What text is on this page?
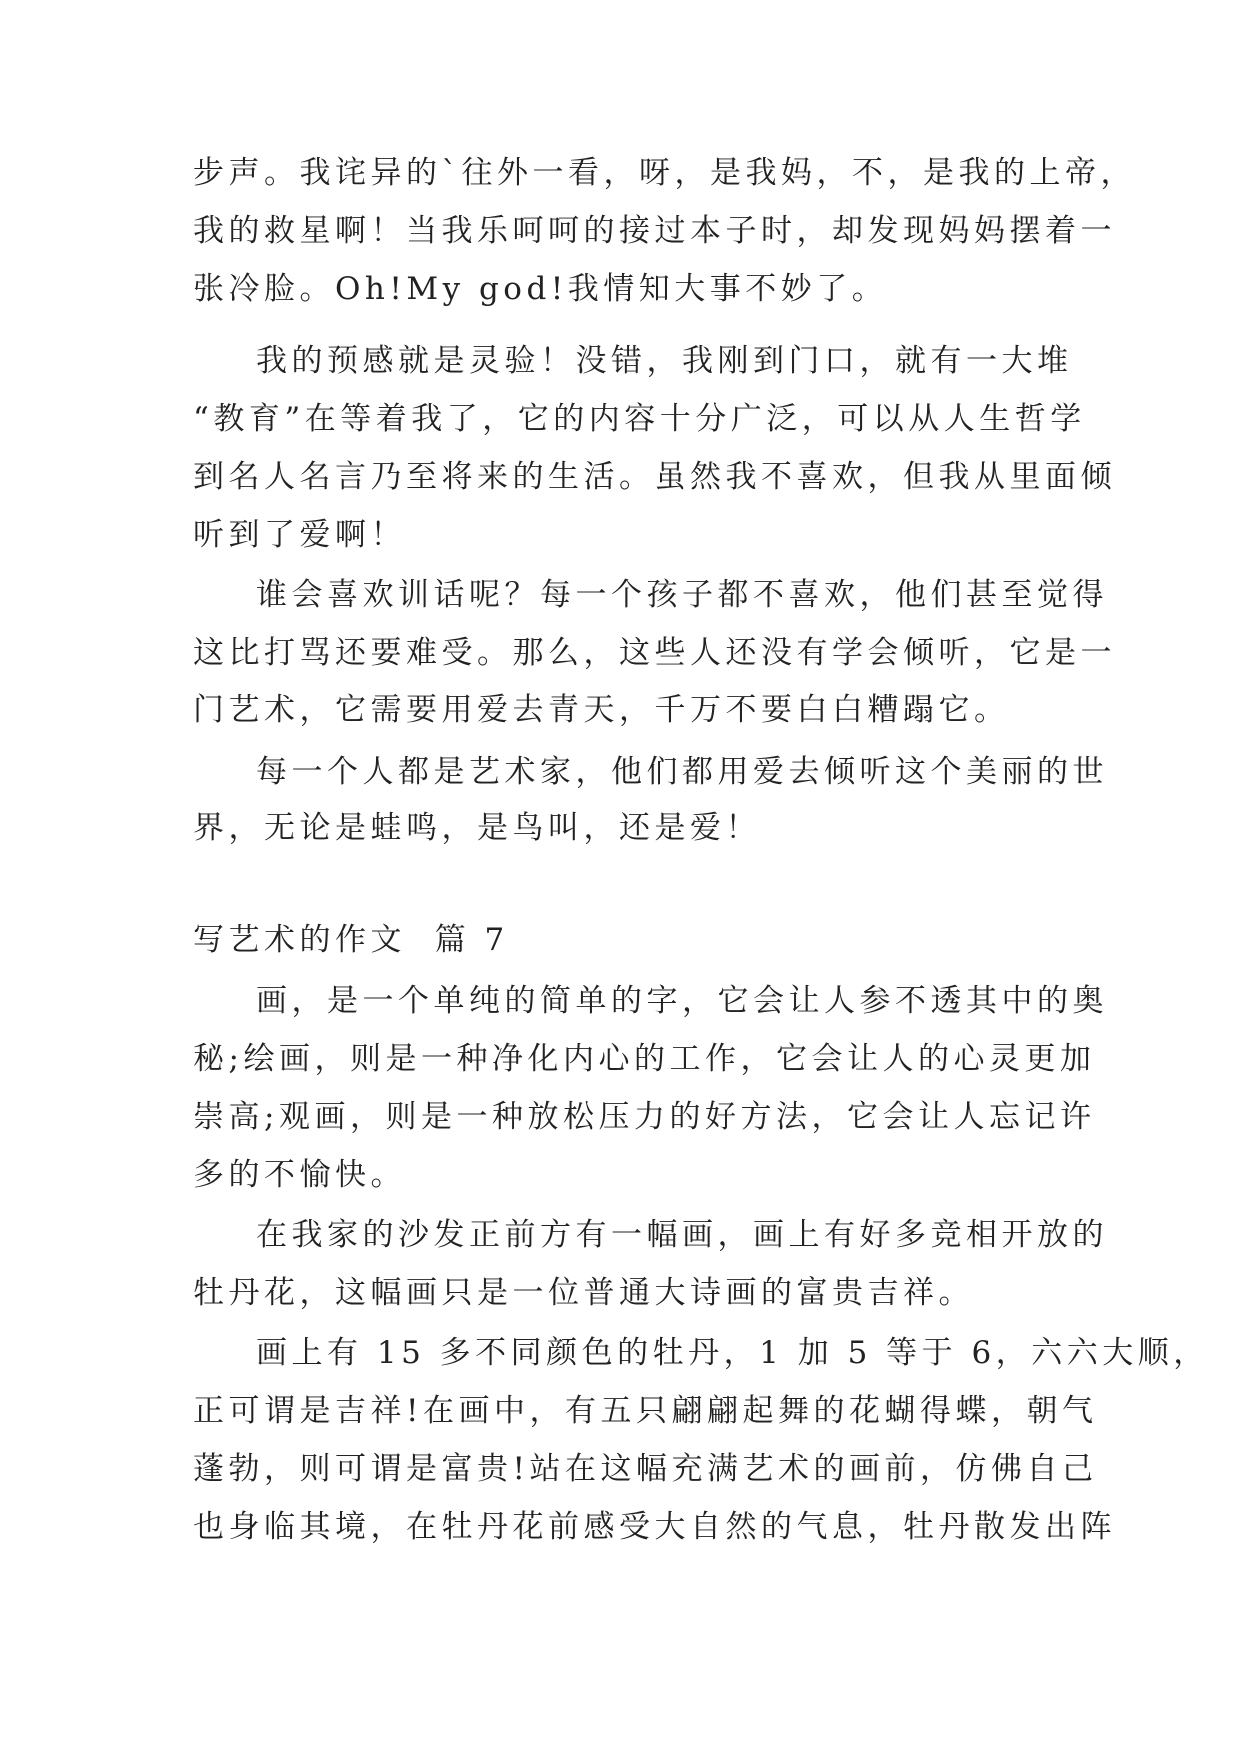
步声。我诧异的`往外一看，呀，是我妈，不，是我的上帝，
我的救星啊！当我乐呵呵的接过本子时，却发现妈妈摆着一
张冷脸。Oh!My god!我情知大事不妙了。
我的预感就是灵验！没错，我刚到门口，就有一大堆
“教育”在等着我了，它的内容十分广泛，可以从人生哲学
到名人名言乃至将来的生活。虽然我不喜欢，但我从里面倾
听到了爱啊！
谁会喜欢训话呢？每一个孩子都不喜欢，他们甚至觉得
这比打骂还要难受。那么，这些人还没有学会倾听，它是一
门艺术，它需要用爱去青天，千万不要白白糟蹋它。
每一个人都是艺术家，他们都用爱去倾听这个美丽的世
界，无论是蛙鸣，是鸟叫，还是爱！
写艺术的作文  篇 7
画，是一个单纯的简单的字，它会让人参不透其中的奥
秘;绘画，则是一种净化内心的工作，它会让人的心灵更加
崇高;观画，则是一种放松压力的好方法，它会让人忘记许
多的不愉快。
在我家的沙发正前方有一幅画，画上有好多竞相开放的
牡丹花，这幅画只是一位普通大诗画的富贵吉祥。
画上有 15 多不同颜色的牡丹，1 加 5 等于 6，六六大顺，
正可谓是吉祥!在画中，有五只翩翩起舞的花蝴得蝶，朝气
蓬勃，则可谓是富贵!站在这幅充满艺术的画前，仿佛自己
也身临其境，在牡丹花前感受大自然的气息，牡丹散发出阵
